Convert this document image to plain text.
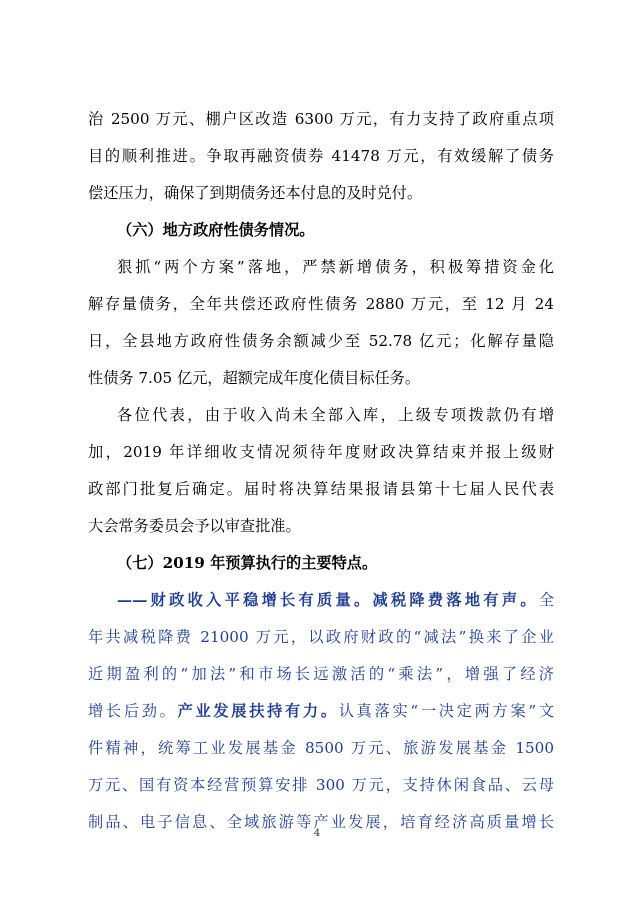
治 2500 万元、棚户区改造 6300 万元，有力支持了政府重点项
目的顺利推进。争取再融资债券 41478 万元，有效缓解了债务
偿还压力，确保了到期债务还本付息的及时兑付。
（六）地方政府性债务情况。
狠抓“两个方案”落地，严禁新增债务，积极筹措资金化
解存量债务，全年共偿还政府性债务 2880 万元，至 12 月 24
日，全县地方政府性债务余额减少至 52.78 亿元；化解存量隐
性债务 7.05 亿元，超额完成年度化债目标任务。
各位代表，由于收入尚未全部入库，上级专项拨款仍有增
加，2019 年详细收支情况须待年度财政决算结束并报上级财
政部门批复后确定。届时将决算结果报请县第十七届人民代表
大会常务委员会予以审查批准。
（七）2019 年预算执行的主要特点。
——财政收入平稳增长有质量。减税降费落地有声。全
年共减税降费 21000 万元，以政府财政的“减法”换来了企业
近期盈利的“加法”和市场长远激活的“乘法”，增强了经济
增长后劲。产业发展扶持有力。认真落实“一决定两方案”文
件精神，统筹工业发展基金 8500 万元、旅游发展基金 1500
万元、国有资本经营预算安排 300 万元，支持休闲食品、云母
制品、电子信息、全域旅游等产业发展，培育经济高质量增长
4
